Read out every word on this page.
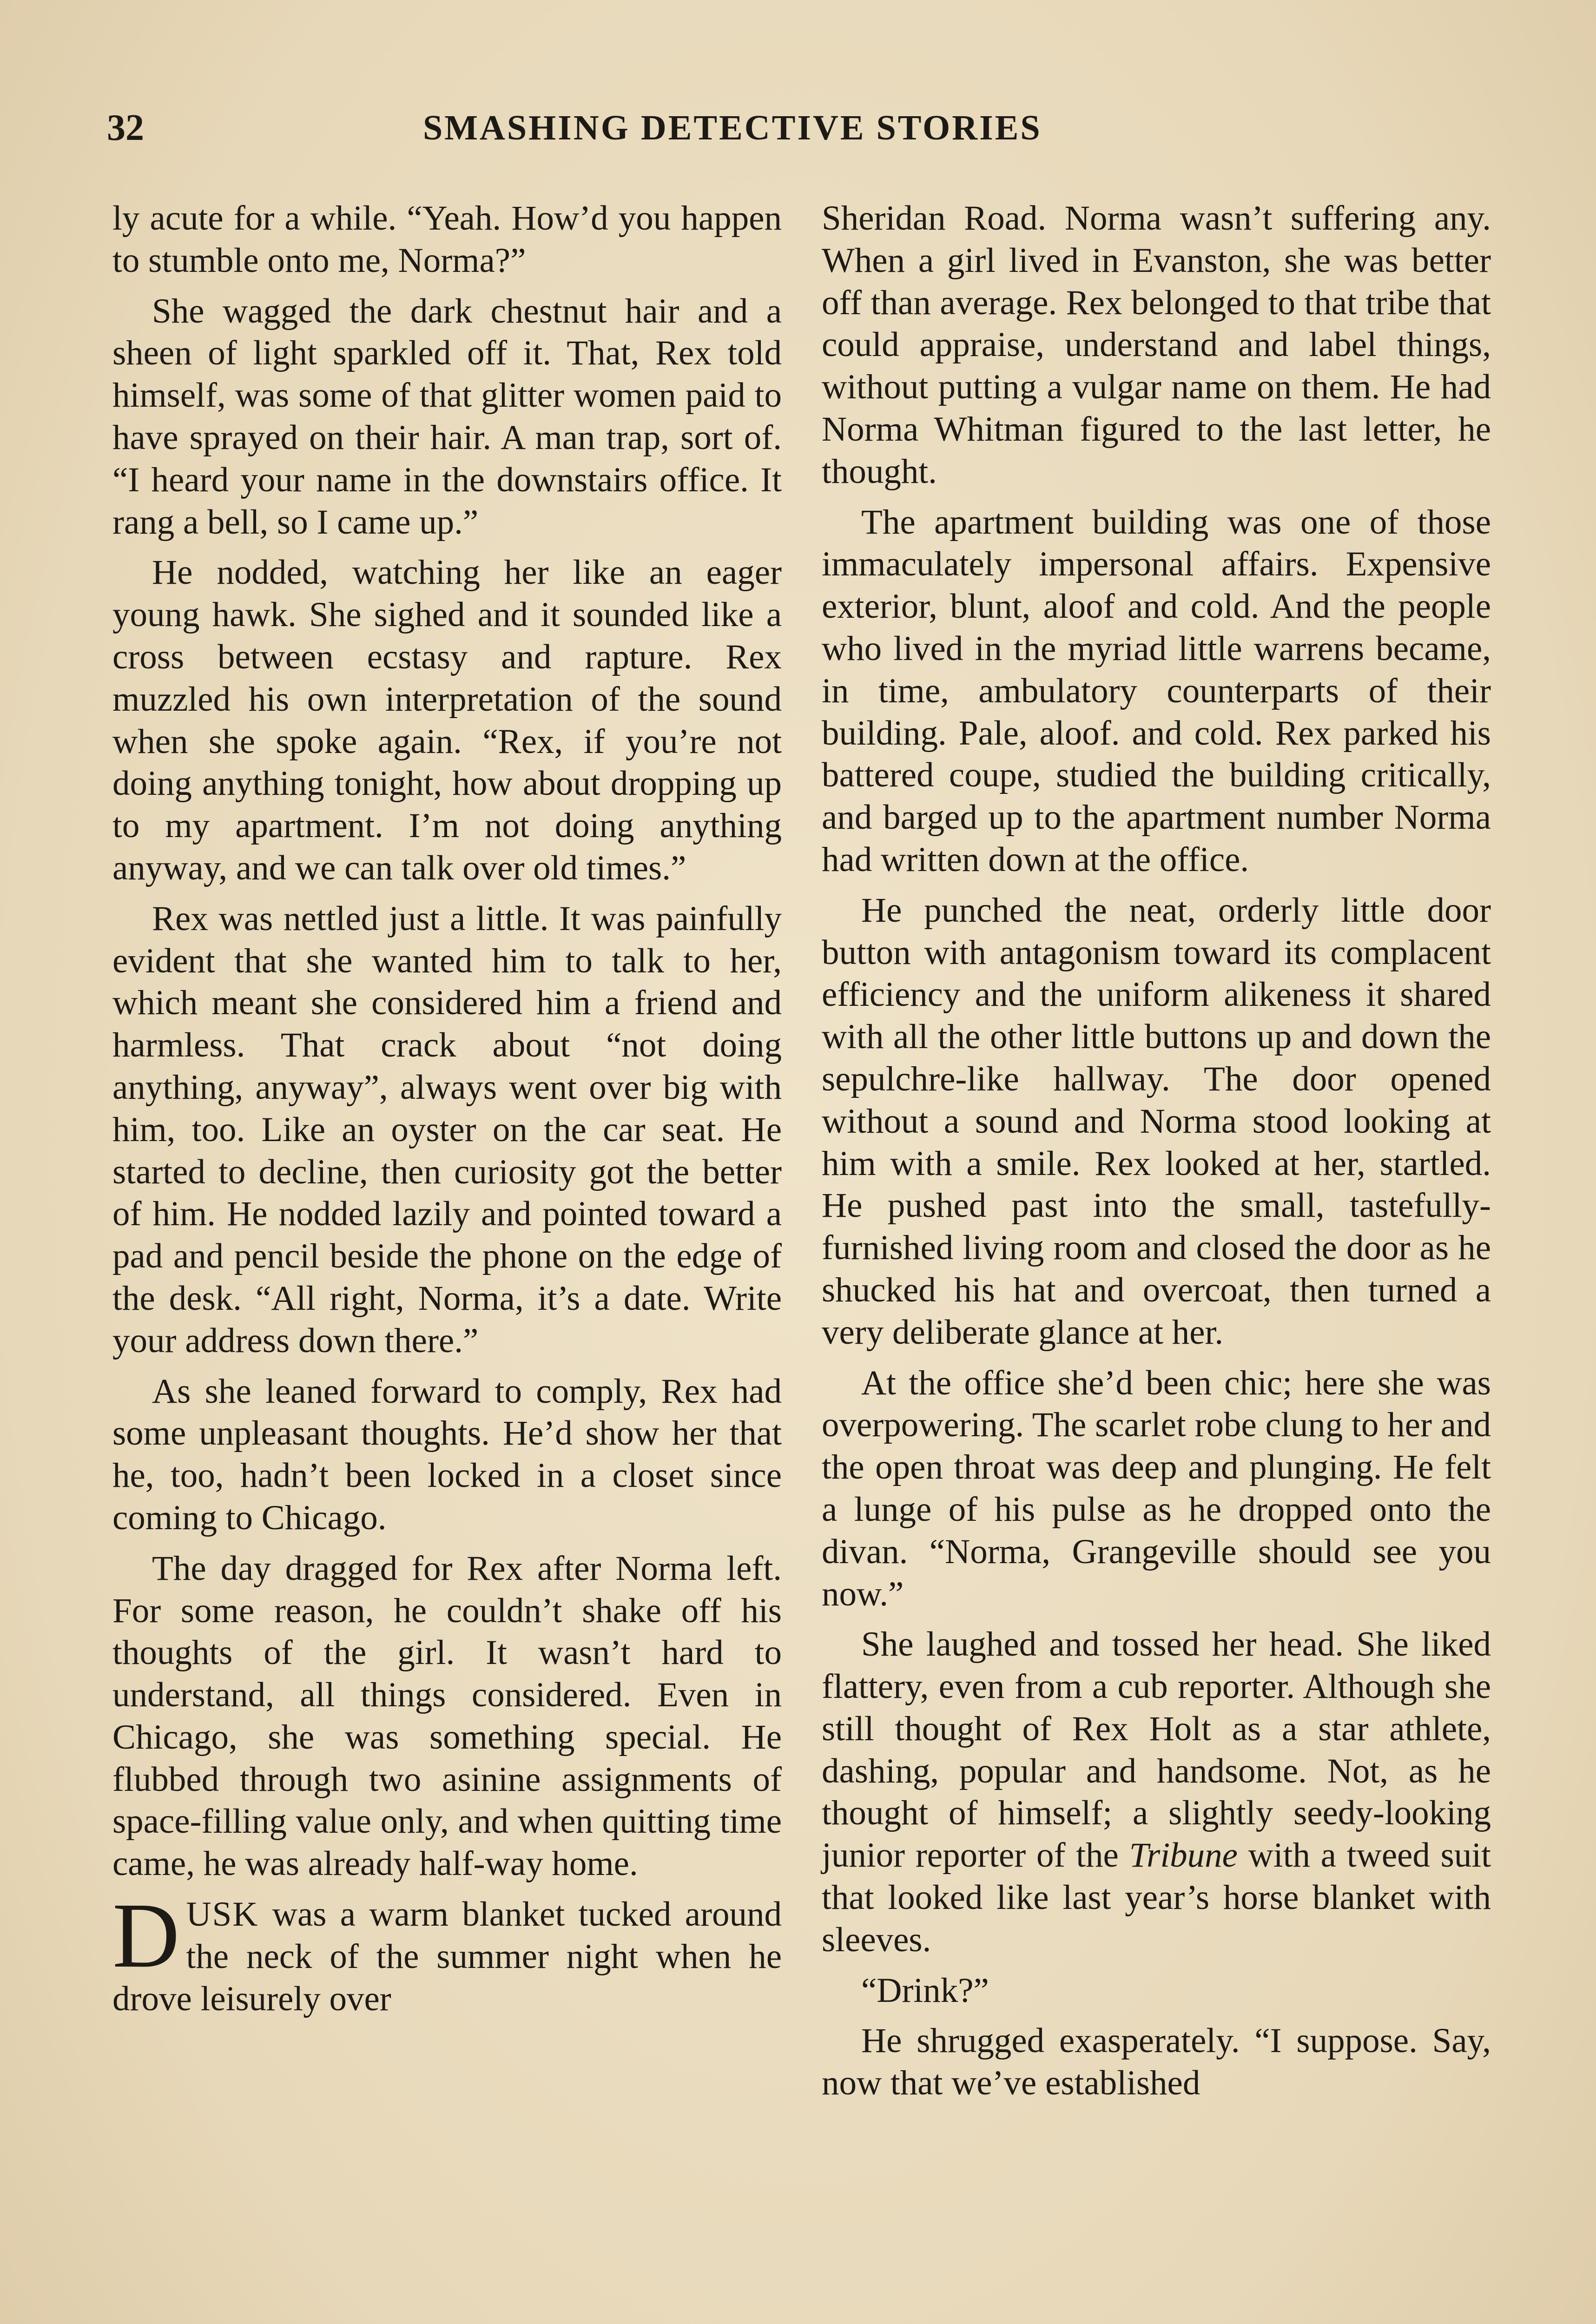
32	SMASHING DETECTIVE STORIES

ly acute for a while. “Yeah. How’d you happen to stumble onto me, Norma?”

She wagged the dark chestnut hair and a sheen of light sparkled off it. That, Rex told himself, was some of that glitter women paid to have sprayed on their hair. A man trap, sort of. “I heard your name in the downstairs office. It rang a bell, so I came up.”

He nodded, watching her like an eager young hawk. She sighed and it sounded like a cross between ecstasy and rapture. Rex muzzled his own interpretation of the sound when she spoke again. “Rex, if you’re not doing anything tonight, how about dropping up to my apartment. I’m not doing anything anyway, and we can talk over old times.”

Rex was nettled just a little. It was painfully evident that she wanted him to talk to her, which meant she considered him a friend and harmless. That crack about “not doing anything, anyway”, always went over big with him, too. Like an oyster on the car seat. He started to decline, then curiosity got the better of him. He nodded lazily and pointed toward a pad and pencil beside the phone on the edge of the desk. “All right, Norma, it’s a date. Write your address down there.”

As she leaned forward to comply, Rex had some unpleasant thoughts. He’d show her that he, too, hadn’t been locked in a closet since coming to Chicago.

The day dragged for Rex after Norma left. For some reason, he couldn’t shake off his thoughts of the girl. It wasn’t hard to understand, all things considered. Even in Chicago, she was something special. He flubbed through two asinine assignments of space-filling value only, and when quitting time came, he was already half-way home.

DUSK was a warm blanket tucked around the neck of the summer night when he drove leisurely over

Sheridan Road. Norma wasn’t suffering any. When a girl lived in Evanston, she was better off than average. Rex belonged to that tribe that could appraise, understand and label things, without putting a vulgar name on them. He had Norma Whitman figured to the last letter, he thought.

The apartment building was one of those immaculately impersonal affairs. Expensive exterior, blunt, aloof and cold. And the people who lived in the myriad little warrens became, in time, ambulatory counterparts of their building. Pale, aloof. and cold. Rex parked his battered coupe, studied the building critically, and barged up to the apartment number Norma had written down at the office.

He punched the neat, orderly little door button with antagonism toward its complacent efficiency and the uniform alikeness it shared with all the other little buttons up and down the sepulchre-like hallway. The door opened without a sound and Norma stood looking at him with a smile. Rex looked at her, startled. He pushed past into the small, tastefully-furnished living room and closed the door as he shucked his hat and overcoat, then turned a very deliberate glance at her.

At the office she’d been chic; here she was overpowering. The scarlet robe clung to her and the open throat was deep and plunging. He felt a lunge of his pulse as he dropped onto the divan. “Norma, Grangeville should see you now.”

She laughed and tossed her head. She liked flattery, even from a cub reporter. Although she still thought of Rex Holt as a star athlete, dashing, popular and handsome. Not, as he thought of himself; a slightly seedy-looking junior reporter of the Tribune with a tweed suit that looked like last year’s horse blanket with sleeves.

“Drink?”

He shrugged exasperately. “I suppose. Say, now that we’ve established
